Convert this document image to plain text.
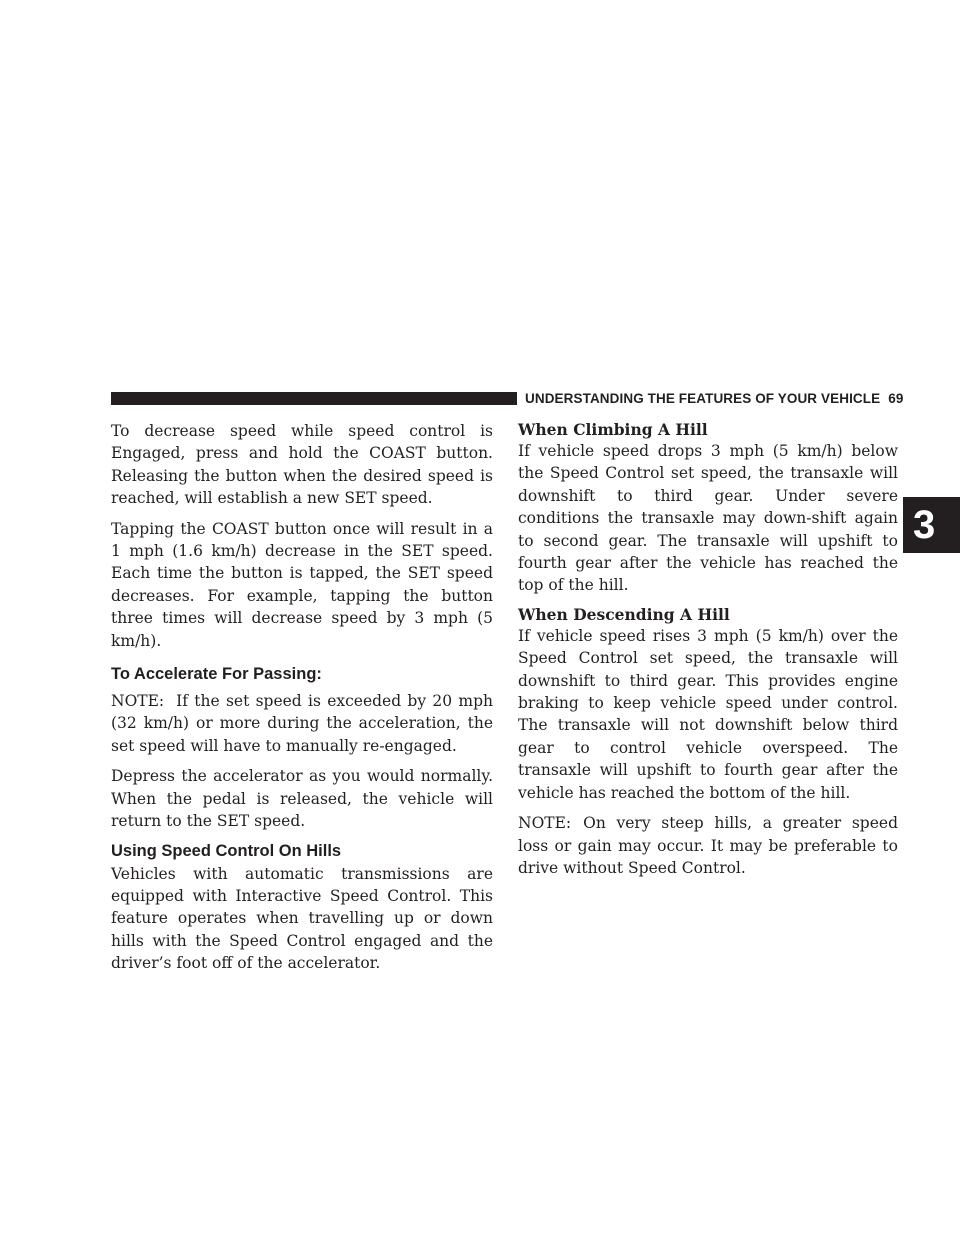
UNDERSTANDING THE FEATURES OF YOUR VEHICLE 69
3

To decrease speed while speed control is Engaged, press and hold the COAST button. Releasing the button when the desired speed is reached, will establish a new SET speed.

Tapping the COAST button once will result in a 1 mph (1.6 km/h) decrease in the SET speed. Each time the button is tapped, the SET speed decreases. For example, tapping the button three times will decrease speed by 3 mph (5 km/h).

To Accelerate For Passing:

NOTE: If the set speed is exceeded by 20 mph (32 km/h) or more during the acceleration, the set speed will have to manually re-engaged.

Depress the accelerator as you would normally. When the pedal is released, the vehicle will return to the SET speed.

Using Speed Control On Hills

Vehicles with automatic transmissions are equipped with Interactive Speed Control. This feature operates when travelling up or down hills with the Speed Control engaged and the driver’s foot off of the accelerator.

When Climbing A Hill

If vehicle speed drops 3 mph (5 km/h) below the Speed Control set speed, the transaxle will downshift to third gear. Under severe conditions the transaxle may down-shift again to second gear. The transaxle will upshift to fourth gear after the vehicle has reached the top of the hill.

When Descending A Hill

If vehicle speed rises 3 mph (5 km/h) over the Speed Control set speed, the transaxle will downshift to third gear. This provides engine braking to keep vehicle speed under control. The transaxle will not downshift below third gear to control vehicle overspeed. The transaxle will upshift to fourth gear after the vehicle has reached the bottom of the hill.

NOTE: On very steep hills, a greater speed loss or gain may occur. It may be preferable to drive without Speed Control.
